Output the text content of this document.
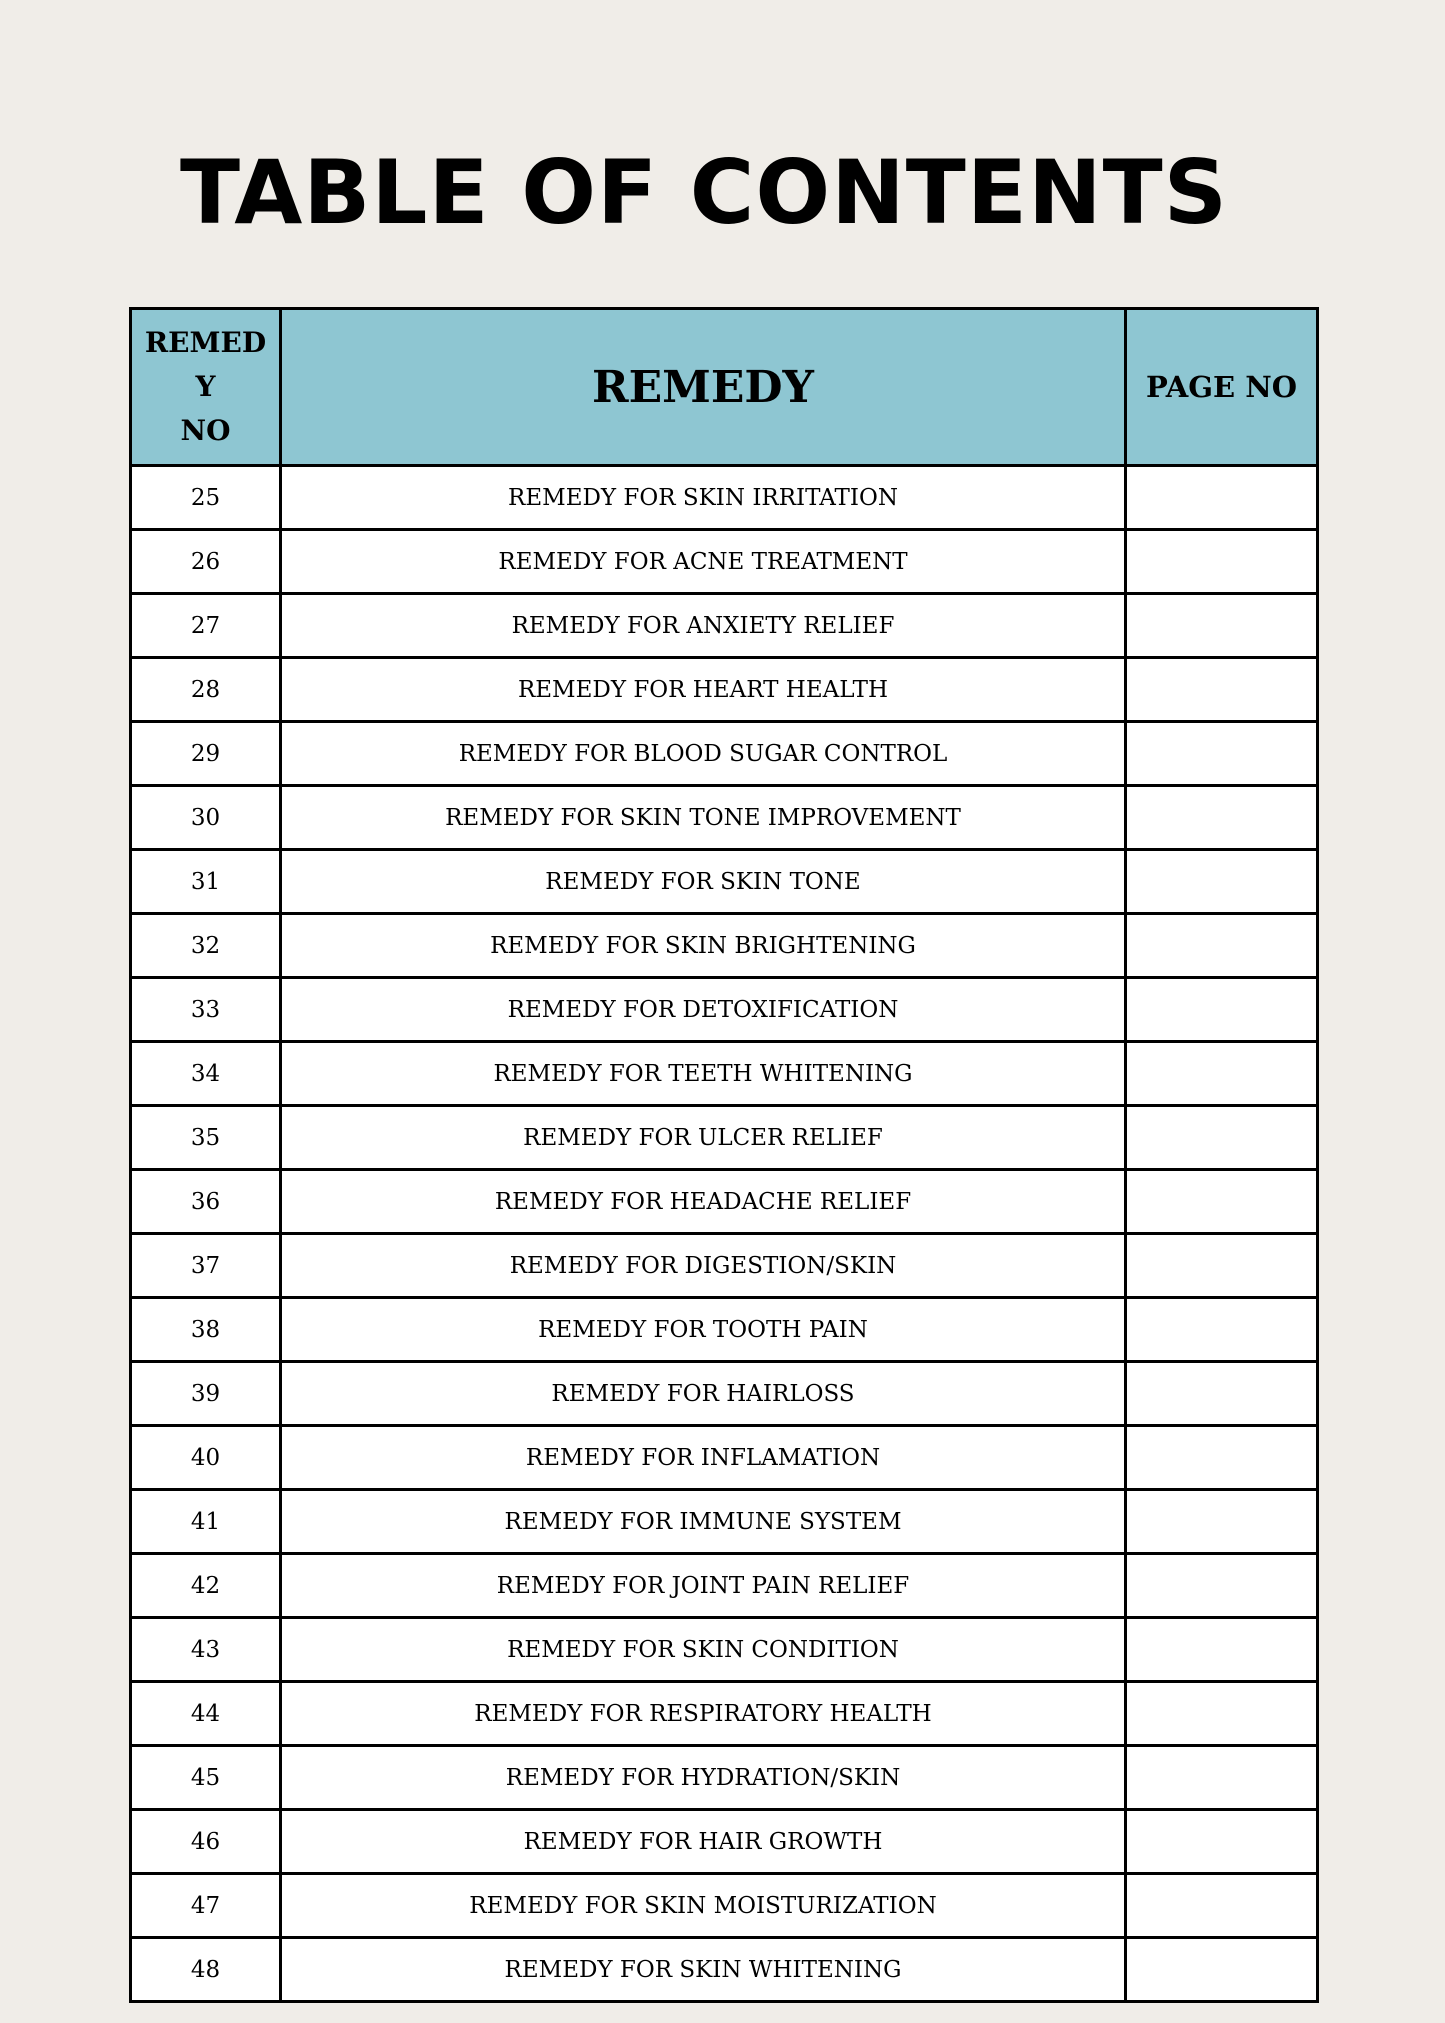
TABLE OF CONTENTS
REMED
Y
NO	REMEDY	PAGE NO
25	REMEDY FOR SKIN IRRITATION	
26	REMEDY FOR ACNE TREATMENT	
27	REMEDY FOR ANXIETY RELIEF	
28	REMEDY FOR HEART HEALTH	
29	REMEDY FOR BLOOD SUGAR CONTROL	
30	REMEDY FOR SKIN TONE IMPROVEMENT	
31	REMEDY FOR SKIN TONE	
32	REMEDY FOR SKIN BRIGHTENING	
33	REMEDY FOR DETOXIFICATION	
34	REMEDY FOR TEETH WHITENING	
35	REMEDY FOR ULCER RELIEF	
36	REMEDY FOR HEADACHE RELIEF	
37	REMEDY FOR DIGESTION/SKIN	
38	REMEDY FOR TOOTH PAIN	
39	REMEDY FOR HAIRLOSS	
40	REMEDY FOR INFLAMATION	
41	REMEDY FOR IMMUNE SYSTEM	
42	REMEDY FOR JOINT PAIN RELIEF	
43	REMEDY FOR SKIN CONDITION	
44	REMEDY FOR RESPIRATORY HEALTH	
45	REMEDY FOR HYDRATION/SKIN	
46	REMEDY FOR HAIR GROWTH	
47	REMEDY FOR SKIN MOISTURIZATION	
48	REMEDY FOR SKIN WHITENING	
